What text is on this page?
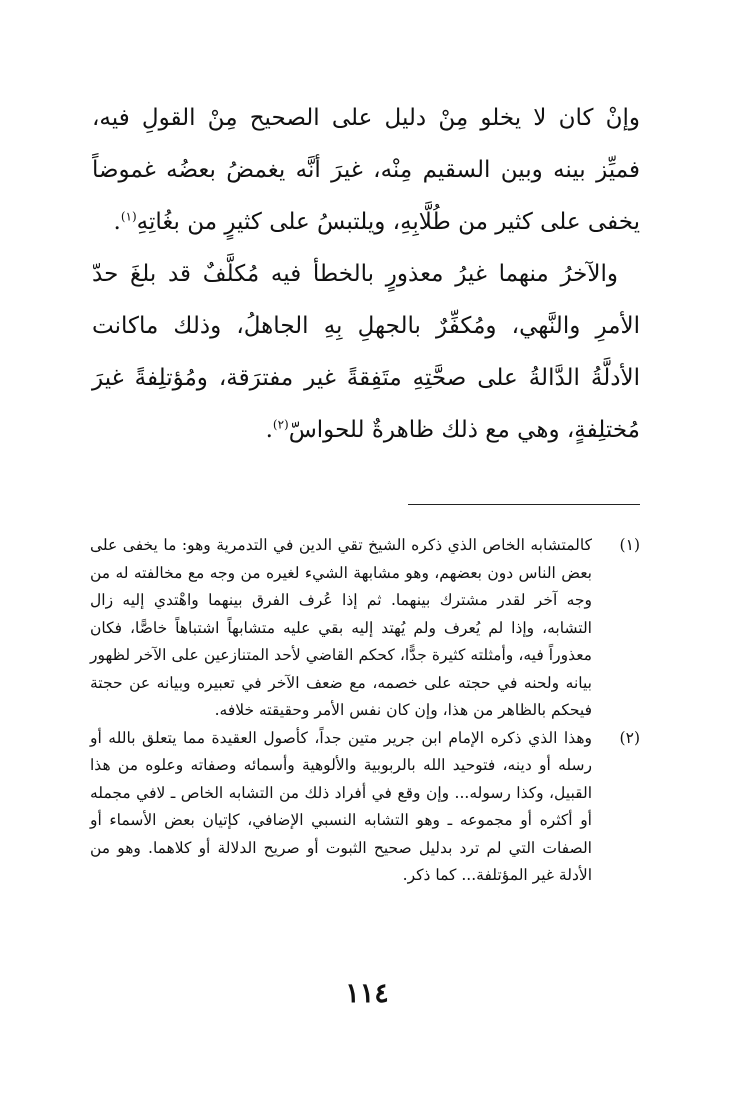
وإنْ كان لا يخلو مِنْ دليل على الصحيح مِنْ القولِ فيه، فميِّز بينه وبين السقيم مِنْه، غيرَ أنَّه يغمضُ بعضُه غموضاً يخفى على كثير من طُلَّابِهِ، ويلتبسُ على كثيرٍ من بغُاتِهِ$^{(١)}$.

والآخرُ منهما غيرُ معذورٍ بالخطأ فيه مُكلَّفٌ قد بلغَ حدّ الأمرِ والنَّهي، ومُكفِّرٌ بالجهلِ بِهِ الجاهلُ، وذلك ماكانت الأدلَّةُ الدَّالةُ على صحَّتِهِ متَفِقةً غير مفترَقة، ومُؤتلِفةً غيرَ مُختلِفةٍ، وهي مع ذلك ظاهرةٌ للحواسّ$^{(٢)}$.

(١)
كالمتشابه الخاص الذي ذكره الشيخ تقي الدين في التدمرية وهو: ما يخفى على بعض الناس دون بعضهم، وهو مشابهة الشيء لغيره من وجه مع مخالفته له من وجه آخر لقدر مشترك بينهما. ثم إذا عُرف الفرق بينهما واهْتدي إليه زال التشابه، وإذا لم يُعرف ولم يُهتد إليه بقي عليه متشابهاً اشتباهاً خاصًّا، فكان معذوراً فيه، وأمثلته كثيرة جدًّا، كحكم القاضي لأحد المتنازعين على الآخر لظهور بيانه ولحنه في حجته على خصمه، مع ضعف الآخر في تعبيره وبيانه عن حجتة فيحكم بالظاهر من هذا، وإن كان نفس الأمر وحقيقته خلافه.
(٢)
وهذا الذي ذكره الإمام ابن جرير متين جداً، كأصول العقيدة مما يتعلق بالله أو رسله أو دينه، فتوحيد الله بالربوبية والألوهية وأسمائه وصفاته وعلوه من هذا القبيل، وكذا رسوله... وإن وقع في أفراد ذلك من التشابه الخاص ـ لافي مجمله أو أكثره أو مجموعه ـ وهو التشابه النسبي الإضافي، كإتيان بعض الأسماء أو الصفات التي لم ترد بدليل صحيح الثبوت أو صريح الدلالة أو كلاهما. وهو من الأدلة غير المؤتلفة... كما ذكر.
١١٤
